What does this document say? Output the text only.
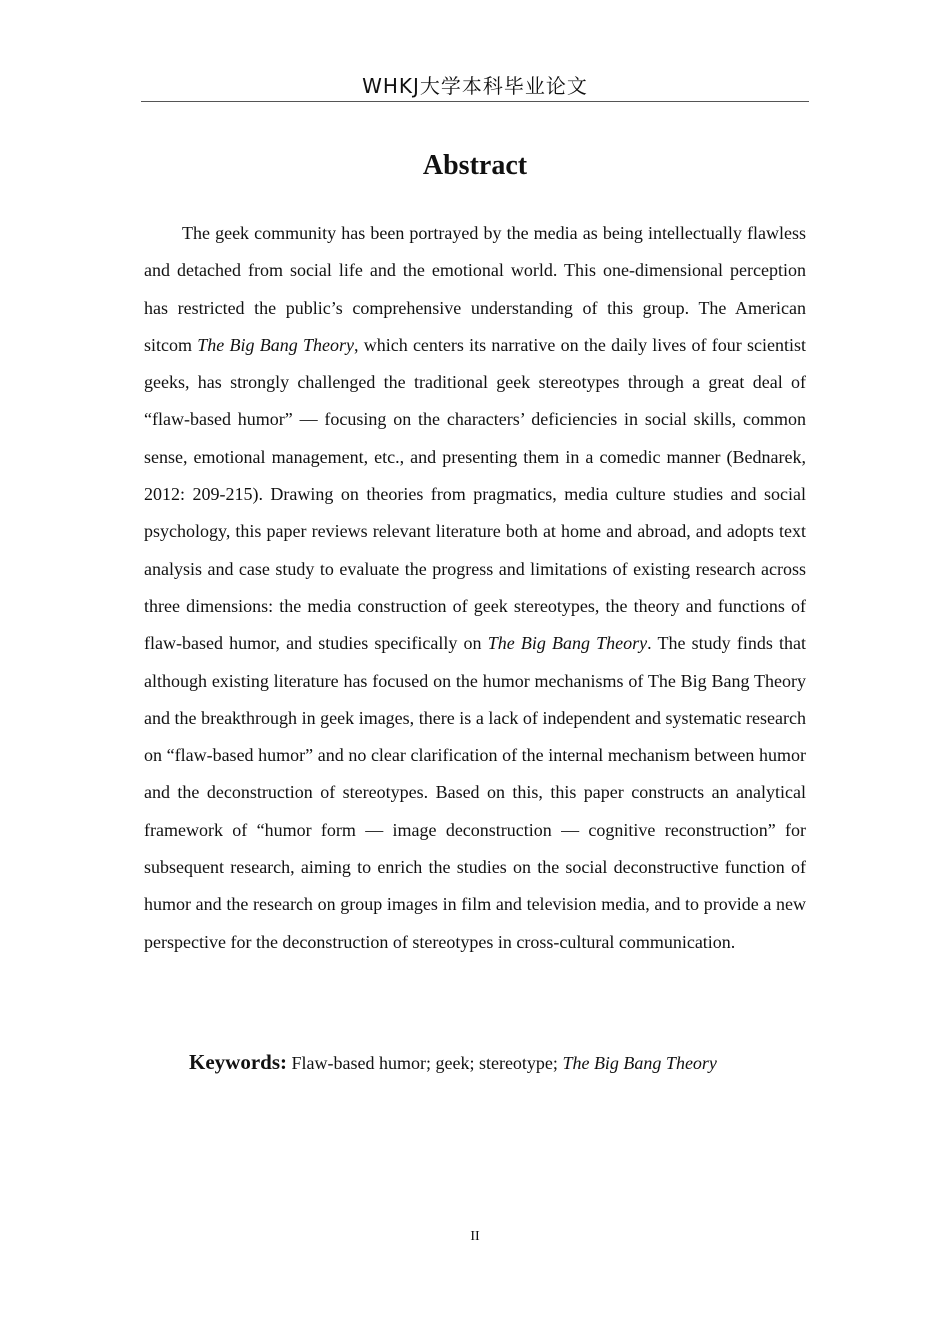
WHKJ大学本科毕业论文
Abstract

The geek community has been portrayed by the media as being intellectually flawless and detached from social life and the emotional world. This one-dimensional perception has restricted the public’s comprehensive understanding of this group. The American sitcom The Big Bang Theory, which centers its narrative on the daily lives of four scientist geeks, has strongly challenged the traditional geek stereotypes through a great deal of “flaw-based humor” — focusing on the characters’ deficiencies in social skills, common sense, emotional management, etc., and presenting them in a comedic manner (Bednarek, 2012: 209-215). Drawing on theories from pragmatics, media culture studies and social psychology, this paper reviews relevant literature both at home and abroad, and adopts text analysis and case study to evaluate the progress and limitations of existing research across three dimensions: the media construction of geek stereotypes, the theory and functions of flaw-based humor, and studies specifically on The Big Bang Theory. The study finds that although existing literature has focused on the humor mechanisms of The Big Bang Theory and the breakthrough in geek images, there is a lack of independent and systematic research on “flaw-based humor” and no clear clarification of the internal mechanism between humor and the deconstruction of stereotypes. Based on this, this paper constructs an analytical framework of “humor form — image deconstruction — cognitive reconstruction” for subsequent research, aiming to enrich the studies on the social deconstructive function of humor and the research on group images in film and television media, and to provide a new perspective for the deconstruction of stereotypes in cross-cultural communication.

Keywords: Flaw-based humor; geek; stereotype; The Big Bang Theory
II
